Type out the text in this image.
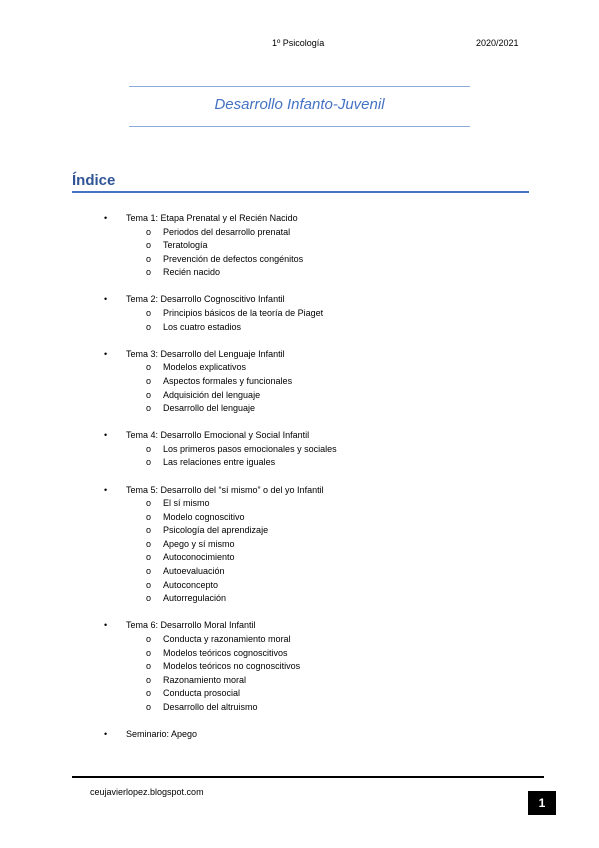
1º Psicología	2020/2021
Desarrollo Infanto-Juvenil
Índice
• Tema 1: Etapa Prenatal y el Recién Nacido
o Periodos del desarrollo prenatal
o Teratología
o Prevención de defectos congénitos
o Recién nacido
• Tema 2: Desarrollo Cognoscitivo Infantil
o Principios básicos de la teoría de Piaget
o Los cuatro estadios
• Tema 3: Desarrollo del Lenguaje Infantil
o Modelos explicativos
o Aspectos formales y funcionales
o Adquisición del lenguaje
o Desarrollo del lenguaje
• Tema 4: Desarrollo Emocional y Social Infantil
o Los primeros pasos emocionales y sociales
o Las relaciones entre iguales
• Tema 5: Desarrollo del “sí mismo” o del yo Infantil
o El sí mismo
o Modelo cognoscitivo
o Psicología del aprendizaje
o Apego y sí mismo
o Autoconocimiento
o Autoevaluación
o Autoconcepto
o Autorregulación
• Tema 6: Desarrollo Moral Infantil
o Conducta y razonamiento moral
o Modelos teóricos cognoscitivos
o Modelos teóricos no cognoscitivos
o Razonamiento moral
o Conducta prosocial
o Desarrollo del altruismo
• Seminario: Apego
ceujavierlopez.blogspot.com
1
